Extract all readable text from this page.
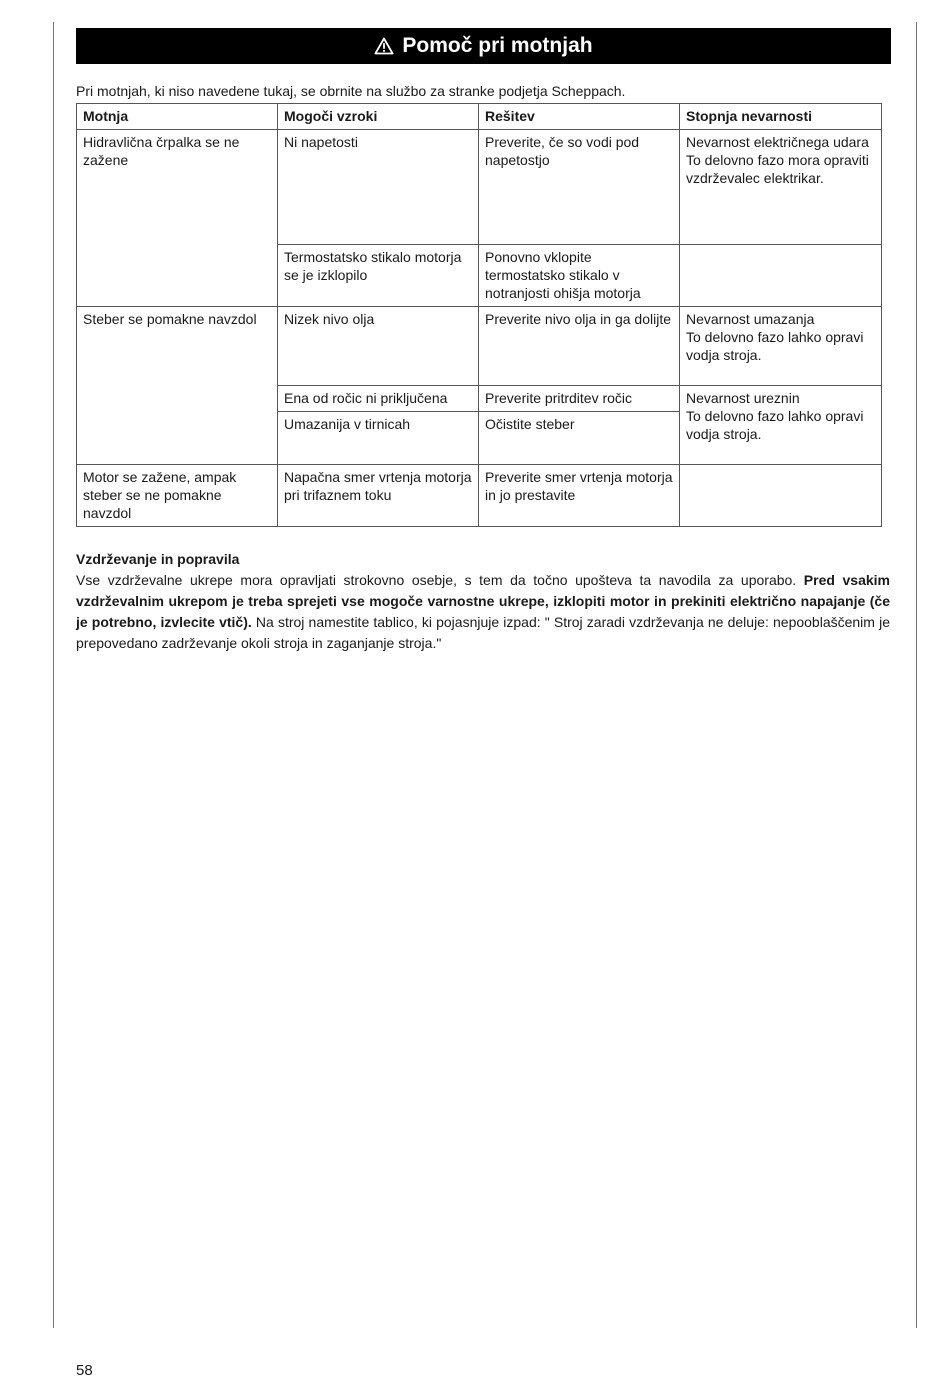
Pomoč pri motnjah

Pri motnjah, ki niso navedene tukaj, se obrnite na službo za stranke podjetja Scheppach.

Motnja	Mogoči vzroki	Rešitev	Stopnja nevarnosti
Hidravlična črpalka se ne zažene	Ni napetosti	Preverite, če so vodi pod napetostjo	Nevarnost električnega udara
To delovno fazo mora opraviti vzdrževalec elektrikar.
	Termostatsko stikalo motorja se je izklopilo	Ponovno vklopite termostatsko stikalo v notranjosti ohišja motorja	
Steber se pomakne navzdol	Nizek nivo olja	Preverite nivo olja in ga dolijte	Nevarnost umazanja
To delovno fazo lahko opravi vodja stroja.
	Ena od ročic ni priključena	Preverite pritrditev ročic	Nevarnost ureznin
To delovno fazo lahko opravi vodja stroja.
	Umazanija v tirnicah	Očistite steber	
Motor se zažene, ampak steber se ne pomakne navzdol	Napačna smer vrtenja motorja pri trifaznem toku	Preverite smer vrtenja motorja in jo prestavite	
Vzdrževanje in popravila

Vse vzdrževalne ukrepe mora opravljati strokovno osebje, s tem da točno upošteva ta navodila za uporabo. Pred vsakim vzdrževalnim ukrepom je treba sprejeti vse mogoče varnostne ukrepe, izklopiti motor in prekiniti električno napajanje (če je potrebno, izvlecite vtič). Na stroj namestite tablico, ki pojasnjuje izpad: " Stroj zaradi vzdrževanja ne deluje: nepooblaščenim je prepovedano zadrževanje okoli stroja in zaganjanje stroja."

58
